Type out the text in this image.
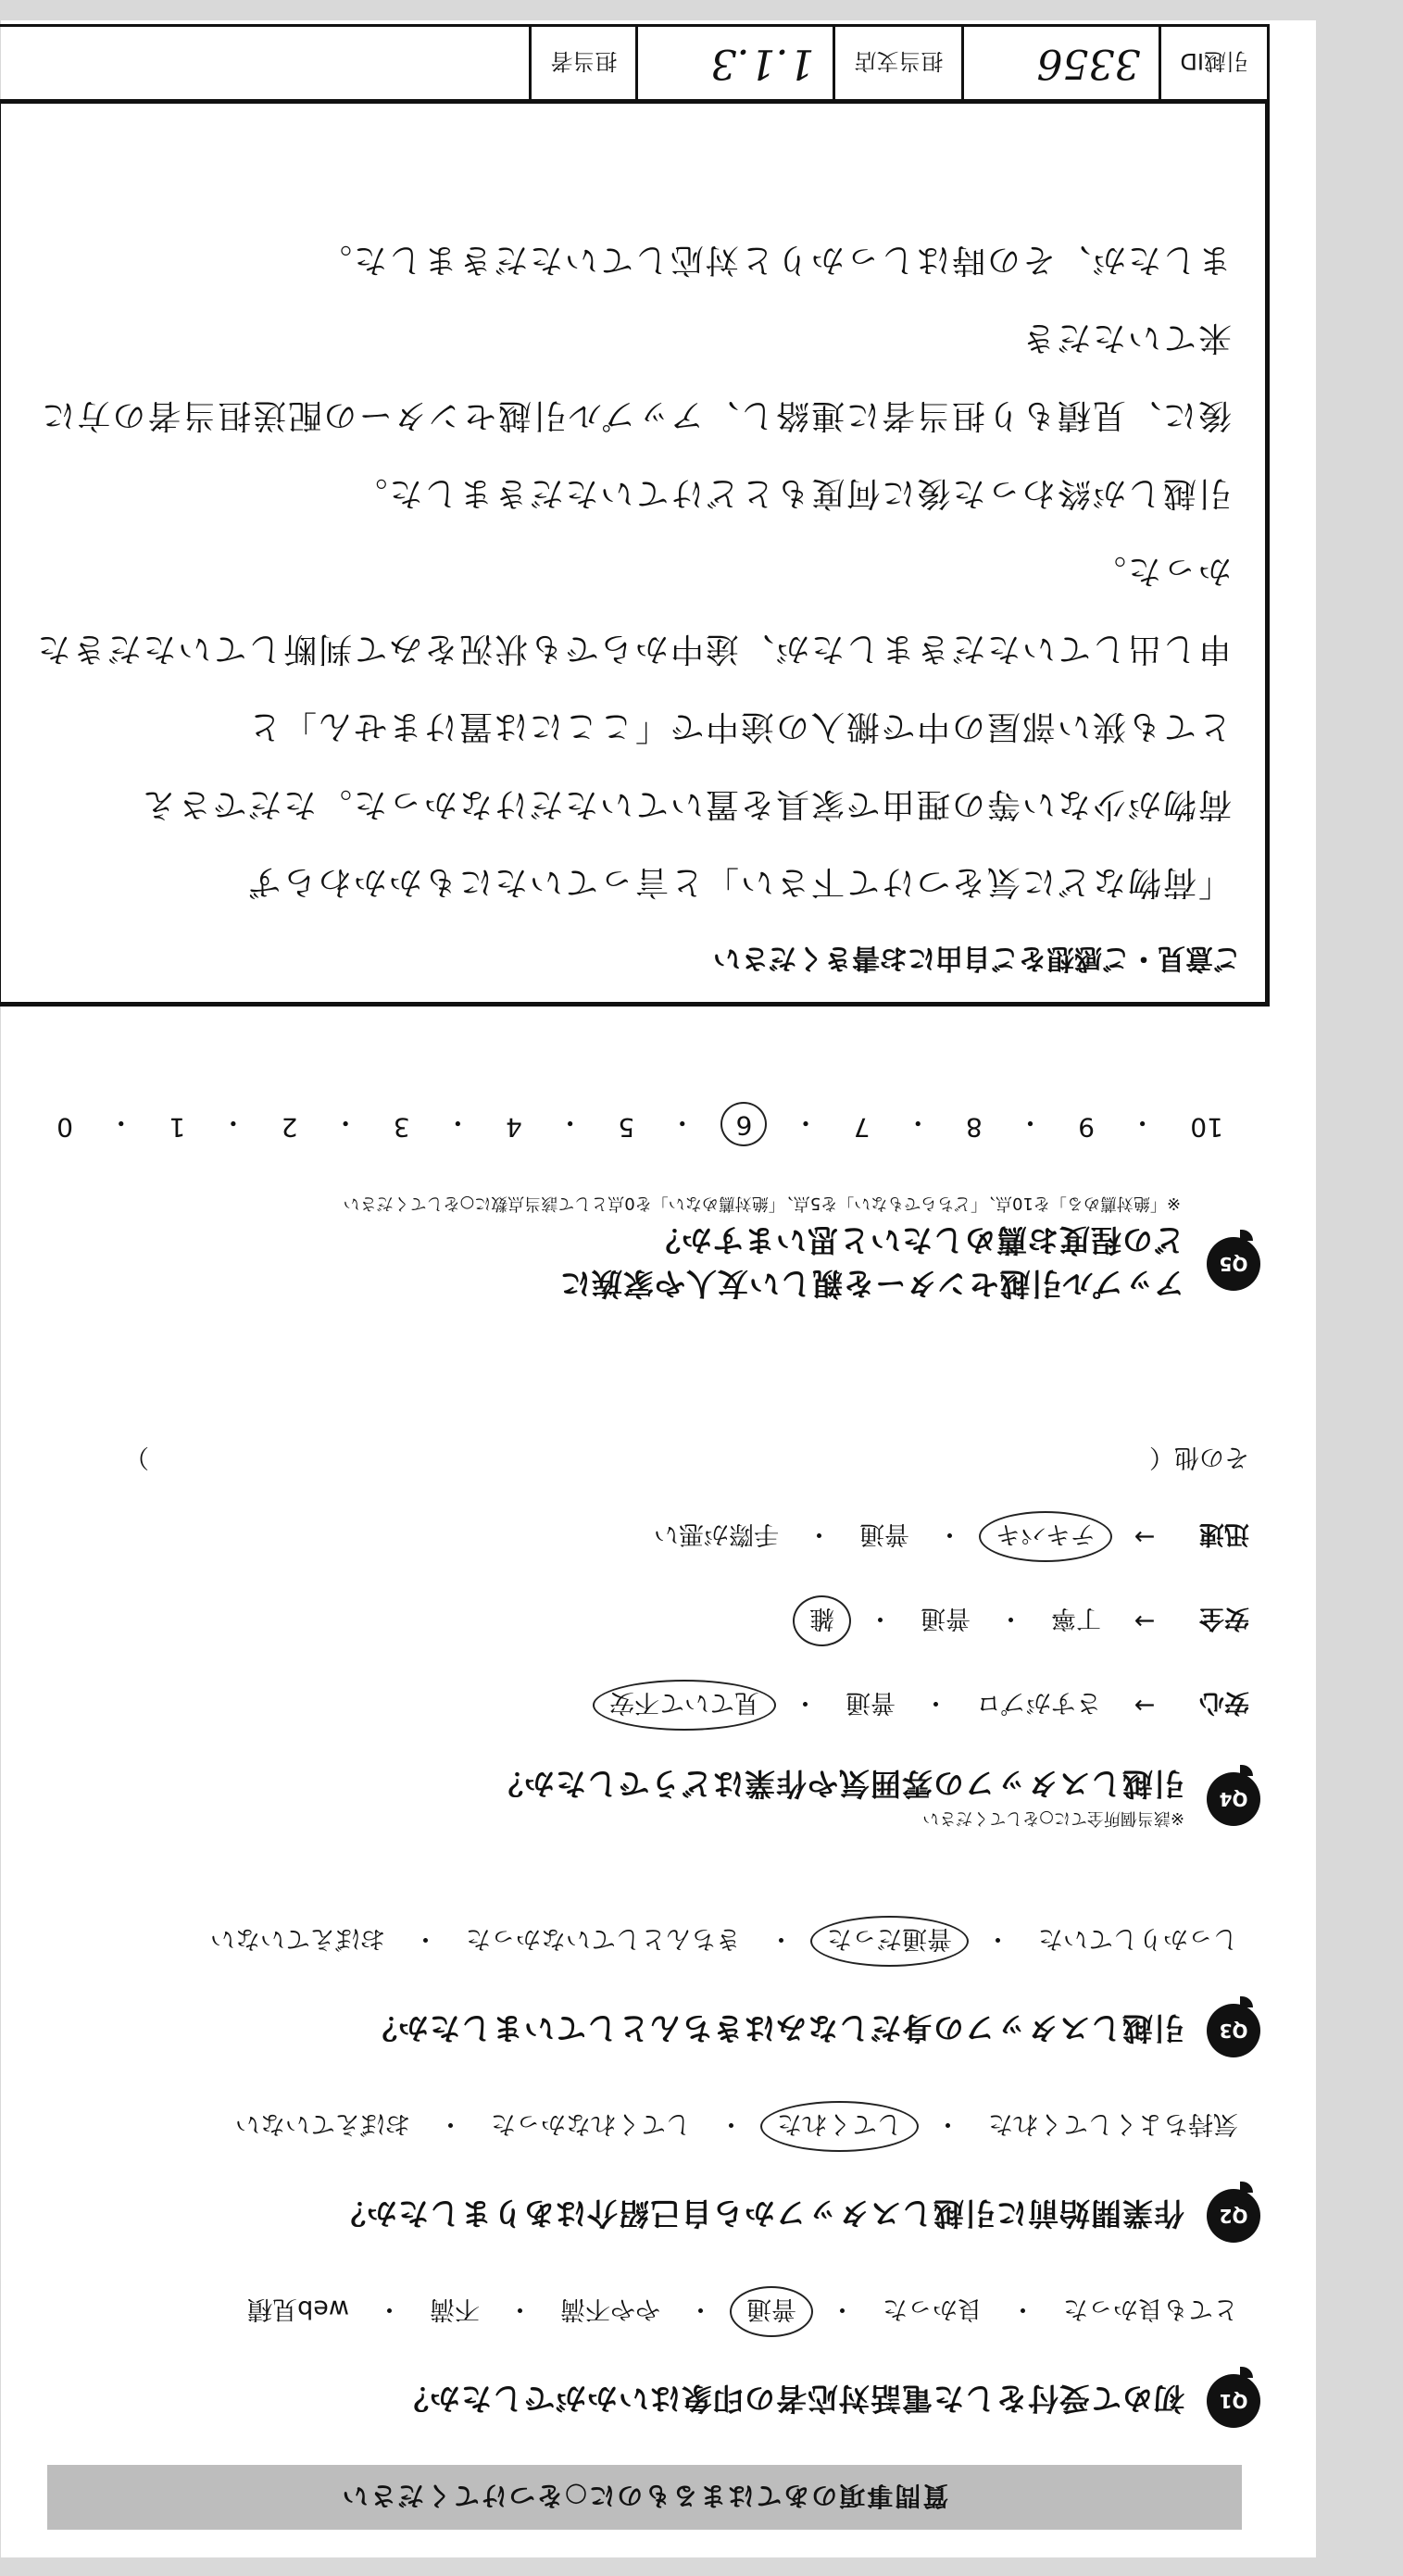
質問事項のあてはまるものに○をつけてください
Q1
初めて受付をした電話対応者の印象はいかがでしたか？
とても良かった
・
良かった
・
普通
・
やや不満
・
不満
・
web見積
Q2
作業開始前に引越しスタッフから自己紹介はありましたか？
気持ちよくしてくれた
・
してくれた
・
してくれなかった
・
おぼえていない
Q3
引越しスタッフの身だしなみはきちんとしていましたか？
しっかりしていた
・
普通だった
・
きちんとしていなかった
・
おぼえていない
Q4
※該当個所全てに○をしてください
引越しスタッフの雰囲気や作業はどうでしたか？
安心
→
さすがプロ
・
普通
・
見ていて不安
安全
→
丁寧
・
普通
・
雑
迅速
→
テキパキ
・
普通
・
手際が悪い
その他（
）
Q5
アップル引越センターを親しい友人や家族に
どの程度お薦めしたいと思いますか？
※「絶対薦める」を10点、「どちらでもない」を5点、「絶対薦めない」を0点として該当点数に○をしてください
10
・
9
・
8
・
7
・
6
・
5
・
4
・
3
・
2
・
1
・
0
ご意見・ご感想をご自由にお書きください
「荷物などに気をつけて下さい」と言っていたにもかかわらず
荷物が少ない等の理由で家具を置いていただけなかった。ただでさえ
とても狭い部屋の中で搬入の途中で「ここには置けません」と
申し出していただきましたが、途中からでも状況をみて判断していただきたかった。
引越しが終わった後に何度もとどけていただきました。
後に、見積もり担当者に連絡し、アップル引越センターの配送担当者の方に来ていただき
ましたが、その時はしっかりと対応していただきました。
引越ID
3356
担当支店
1.1.3
担当者
